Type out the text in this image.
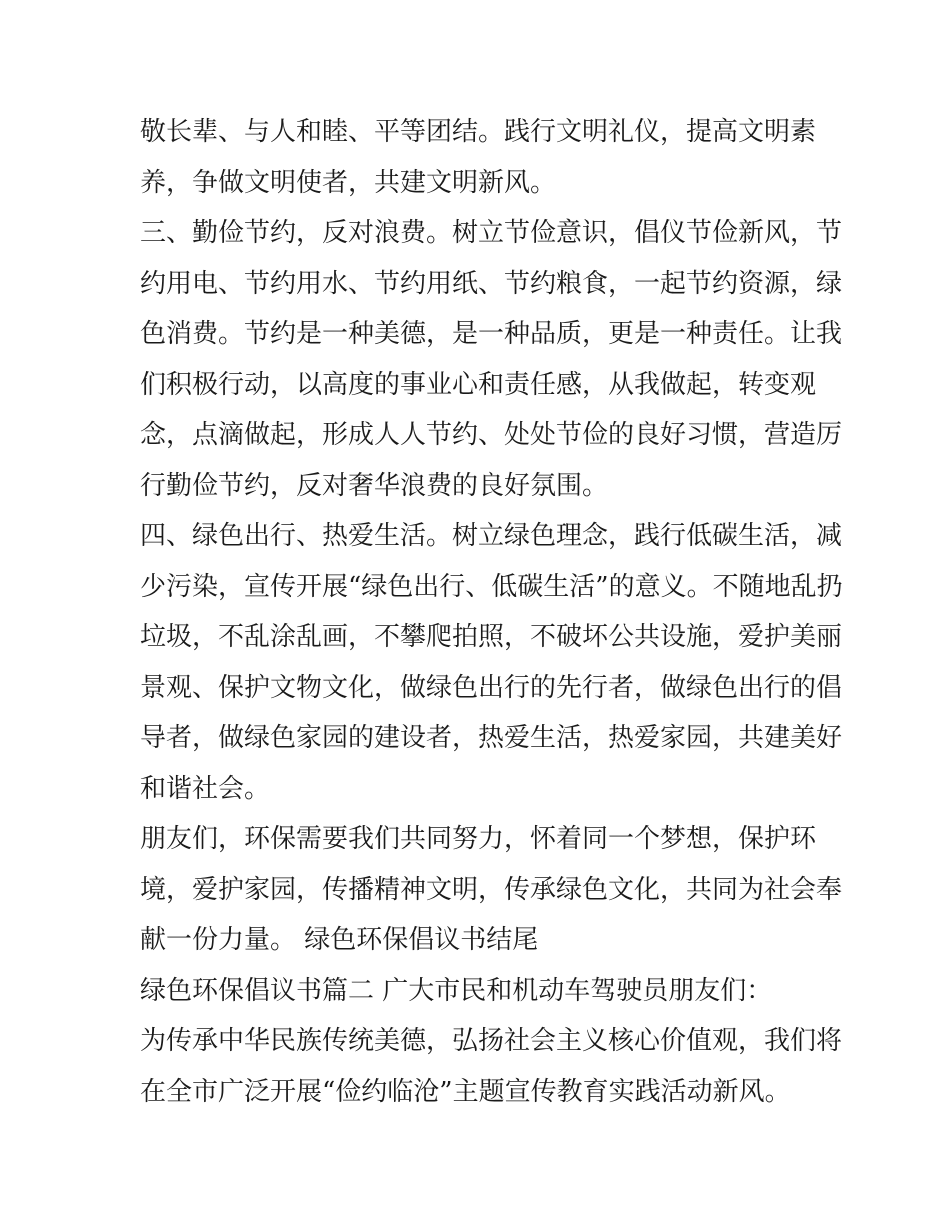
敬长辈、与人和睦、平等团结。践行文明礼仪，提高文明素
养，争做文明使者，共建文明新风。
三、勤俭节约，反对浪费。树立节俭意识，倡仪节俭新风，节
约用电、节约用水、节约用纸、节约粮食，一起节约资源，绿
色消费。节约是一种美德，是一种品质，更是一种责任。让我
们积极行动，以高度的事业心和责任感，从我做起，转变观
念，点滴做起，形成人人节约、处处节俭的良好习惯，营造厉
行勤俭节约，反对奢华浪费的良好氛围。
四、绿色出行、热爱生活。树立绿色理念，践行低碳生活，减
少污染，宣传开展“绿色出行、低碳生活”的意义。不随地乱扔
垃圾，不乱涂乱画，不攀爬拍照，不破坏公共设施，爱护美丽
景观、保护文物文化，做绿色出行的先行者，做绿色出行的倡
导者，做绿色家园的建设者，热爱生活，热爱家园，共建美好
和谐社会。
朋友们，环保需要我们共同努力，怀着同一个梦想，保护环
境，爱护家园，传播精神文明，传承绿色文化，共同为社会奉
献一份力量。 绿色环保倡议书结尾
绿色环保倡议书篇二 广大市民和机动车驾驶员朋友们：
为传承中华民族传统美德，弘扬社会主义核心价值观，我们将
在全市广泛开展“俭约临沧”主题宣传教育实践活动新风。
